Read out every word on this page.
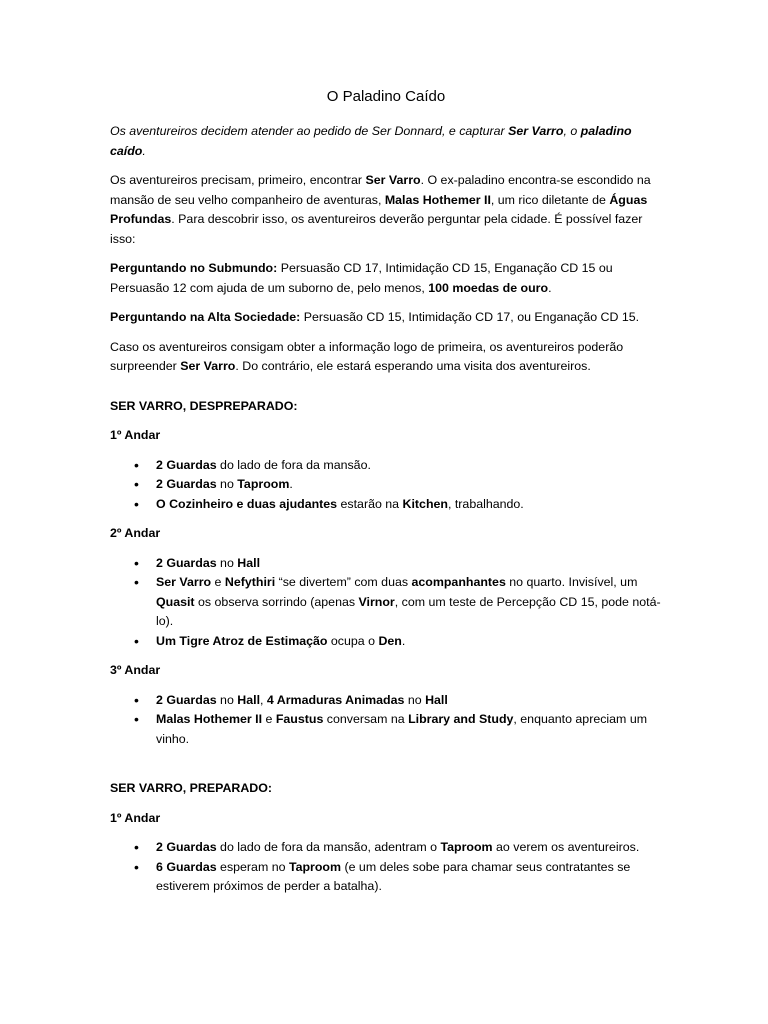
O Paladino Caído

Os aventureiros decidem atender ao pedido de Ser Donnard, e capturar Ser Varro, o paladino caído.

Os aventureiros precisam, primeiro, encontrar Ser Varro. O ex-paladino encontra-se escondido na mansão de seu velho companheiro de aventuras, Malas Hothemer II, um rico diletante de Águas Profundas. Para descobrir isso, os aventureiros deverão perguntar pela cidade. É possível fazer isso:

Perguntando no Submundo: Persuasão CD 17, Intimidação CD 15, Enganação CD 15 ou Persuasão 12 com ajuda de um suborno de, pelo menos, 100 moedas de ouro.

Perguntando na Alta Sociedade: Persuasão CD 15, Intimidação CD 17, ou Enganação CD 15.

Caso os aventureiros consigam obter a informação logo de primeira, os aventureiros poderão surpreender Ser Varro. Do contrário, ele estará esperando uma visita dos aventureiros.

SER VARRO, DESPREPARADO:

1º Andar

• 2 Guardas do lado de fora da mansão.
• 2 Guardas no Taproom.
• O Cozinheiro e duas ajudantes estarão na Kitchen, trabalhando.

2º Andar

• 2 Guardas no Hall
• Ser Varro e Nefythiri “se divertem” com duas acompanhantes no quarto. Invisível, um Quasit os observa sorrindo (apenas Virnor, com um teste de Percepção CD 15, pode notá-lo).
• Um Tigre Atroz de Estimação ocupa o Den.

3º Andar

• 2 Guardas no Hall, 4 Armaduras Animadas no Hall
• Malas Hothemer II e Faustus conversam na Library and Study, enquanto apreciam um vinho.

SER VARRO, PREPARADO:

1º Andar

• 2 Guardas do lado de fora da mansão, adentram o Taproom ao verem os aventureiros.
• 6 Guardas esperam no Taproom (e um deles sobe para chamar seus contratantes se estiverem próximos de perder a batalha).
